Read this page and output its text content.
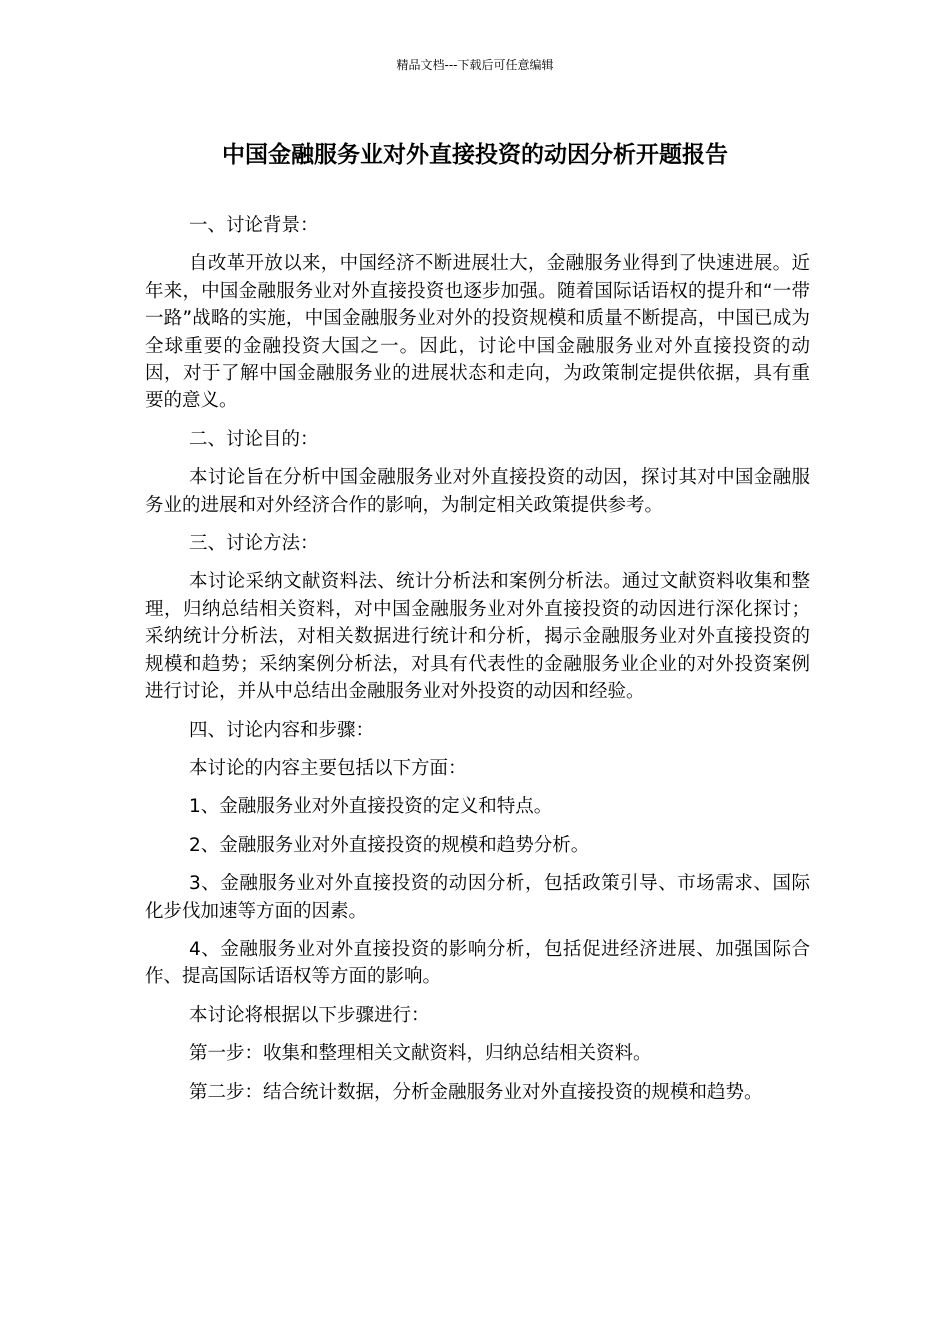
精品文档---下载后可任意编辑
中国金融服务业对外直接投资的动因分析开题报告

一、讨论背景：

自改革开放以来，中国经济不断进展壮大，金融服务业得到了快速进展。近年来，中国金融服务业对外直接投资也逐步加强。随着国际话语权的提升和“一带一路”战略的实施，中国金融服务业对外的投资规模和质量不断提高，中国已成为全球重要的金融投资大国之一。因此，讨论中国金融服务业对外直接投资的动因，对于了解中国金融服务业的进展状态和走向，为政策制定提供依据，具有重要的意义。

二、讨论目的：

本讨论旨在分析中国金融服务业对外直接投资的动因，探讨其对中国金融服务业的进展和对外经济合作的影响，为制定相关政策提供参考。

三、讨论方法：

本讨论采纳文献资料法、统计分析法和案例分析法。通过文献资料收集和整理，归纳总结相关资料，对中国金融服务业对外直接投资的动因进行深化探讨；采纳统计分析法，对相关数据进行统计和分析，揭示金融服务业对外直接投资的规模和趋势；采纳案例分析法，对具有代表性的金融服务业企业的对外投资案例进行讨论，并从中总结出金融服务业对外投资的动因和经验。

四、讨论内容和步骤：

本讨论的内容主要包括以下方面：

1、金融服务业对外直接投资的定义和特点。

2、金融服务业对外直接投资的规模和趋势分析。

3、金融服务业对外直接投资的动因分析，包括政策引导、市场需求、国际化步伐加速等方面的因素。

4、金融服务业对外直接投资的影响分析，包括促进经济进展、加强国际合作、提高国际话语权等方面的影响。

本讨论将根据以下步骤进行：

第一步：收集和整理相关文献资料，归纳总结相关资料。

第二步：结合统计数据，分析金融服务业对外直接投资的规模和趋势。
